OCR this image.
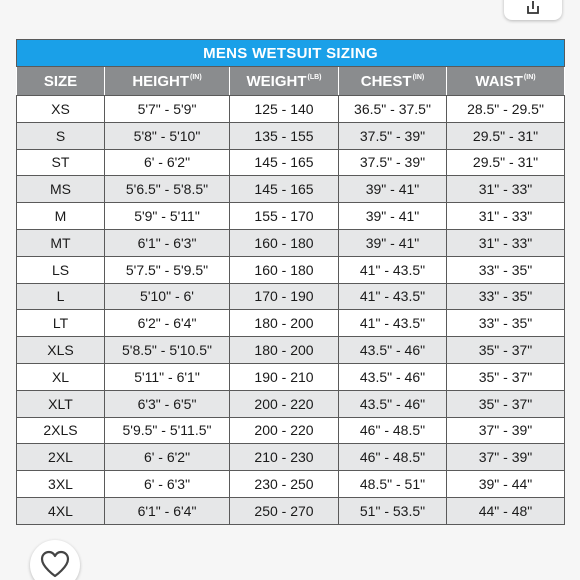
MENS WETSUIT SIZING				
SIZE	$HEIGHT^{(IN)}$	$WEIGHT^{(LB)}$	$CHEST^{(IN)}$	$WAIST^{(IN)}$
XS	5'7" - 5'9"	125 - 140	36.5" - 37.5"	28.5" - 29.5"
S	5'8" - 5'10"	135 - 155	37.5" - 39"	29.5" - 31"
ST	6' - 6'2"	145 - 165	37.5" - 39"	29.5" - 31"
MS	5'6.5" - 5'8.5"	145 - 165	39" - 41"	31" - 33"
M	5'9" - 5'11"	155 - 170	39" - 41"	31" - 33"
MT	6'1" - 6'3"	160 - 180	39" - 41"	31" - 33"
LS	5'7.5" - 5'9.5"	160 - 180	41" - 43.5"	33" - 35"
L	5'10" - 6'	170 - 190	41" - 43.5"	33" - 35"
LT	6'2" - 6'4"	180 - 200	41" - 43.5"	33" - 35"
XLS	5'8.5" - 5'10.5"	180 - 200	43.5" - 46"	35" - 37"
XL	5'11" - 6'1"	190 - 210	43.5" - 46"	35" - 37"
XLT	6'3" - 6'5"	200 - 220	43.5" - 46"	35" - 37"
2XLS	5'9.5" - 5'11.5"	200 - 220	46" - 48.5"	37" - 39"
2XL	6' - 6'2"	210 - 230	46" - 48.5"	37" - 39"
3XL	6' - 6'3"	230 - 250	48.5" - 51"	39" - 44"
4XL	6'1" - 6'4"	250 - 270	51" - 53.5"	44" - 48"
